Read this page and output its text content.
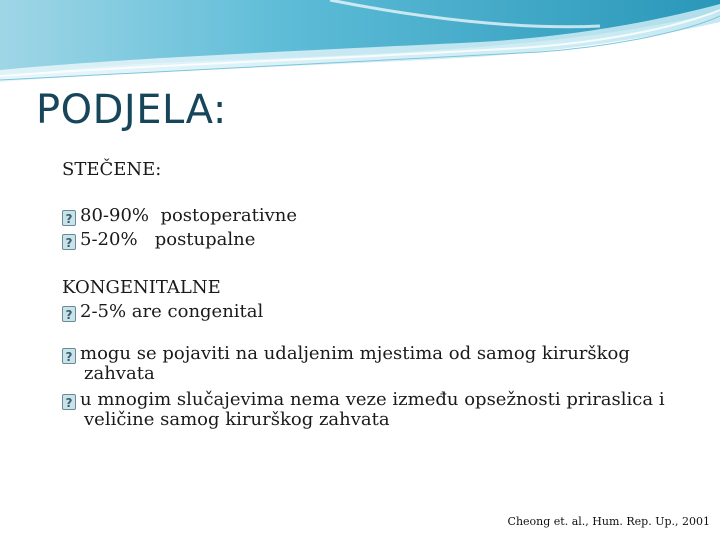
PODJELA:

STEČENE:

? 80-90%  postoperativne

? 5-20%   postupalne

KONGENITALNE

? 2-5% are congenital

? mogu se pojaviti na udaljenim mjestima od samog kirurškog zahvata

? u mnogim slučajevima nema veze između opsežnosti priraslica i veličine samog kirurškog zahvata

Cheong et. al., Hum. Rep. Up., 2001
